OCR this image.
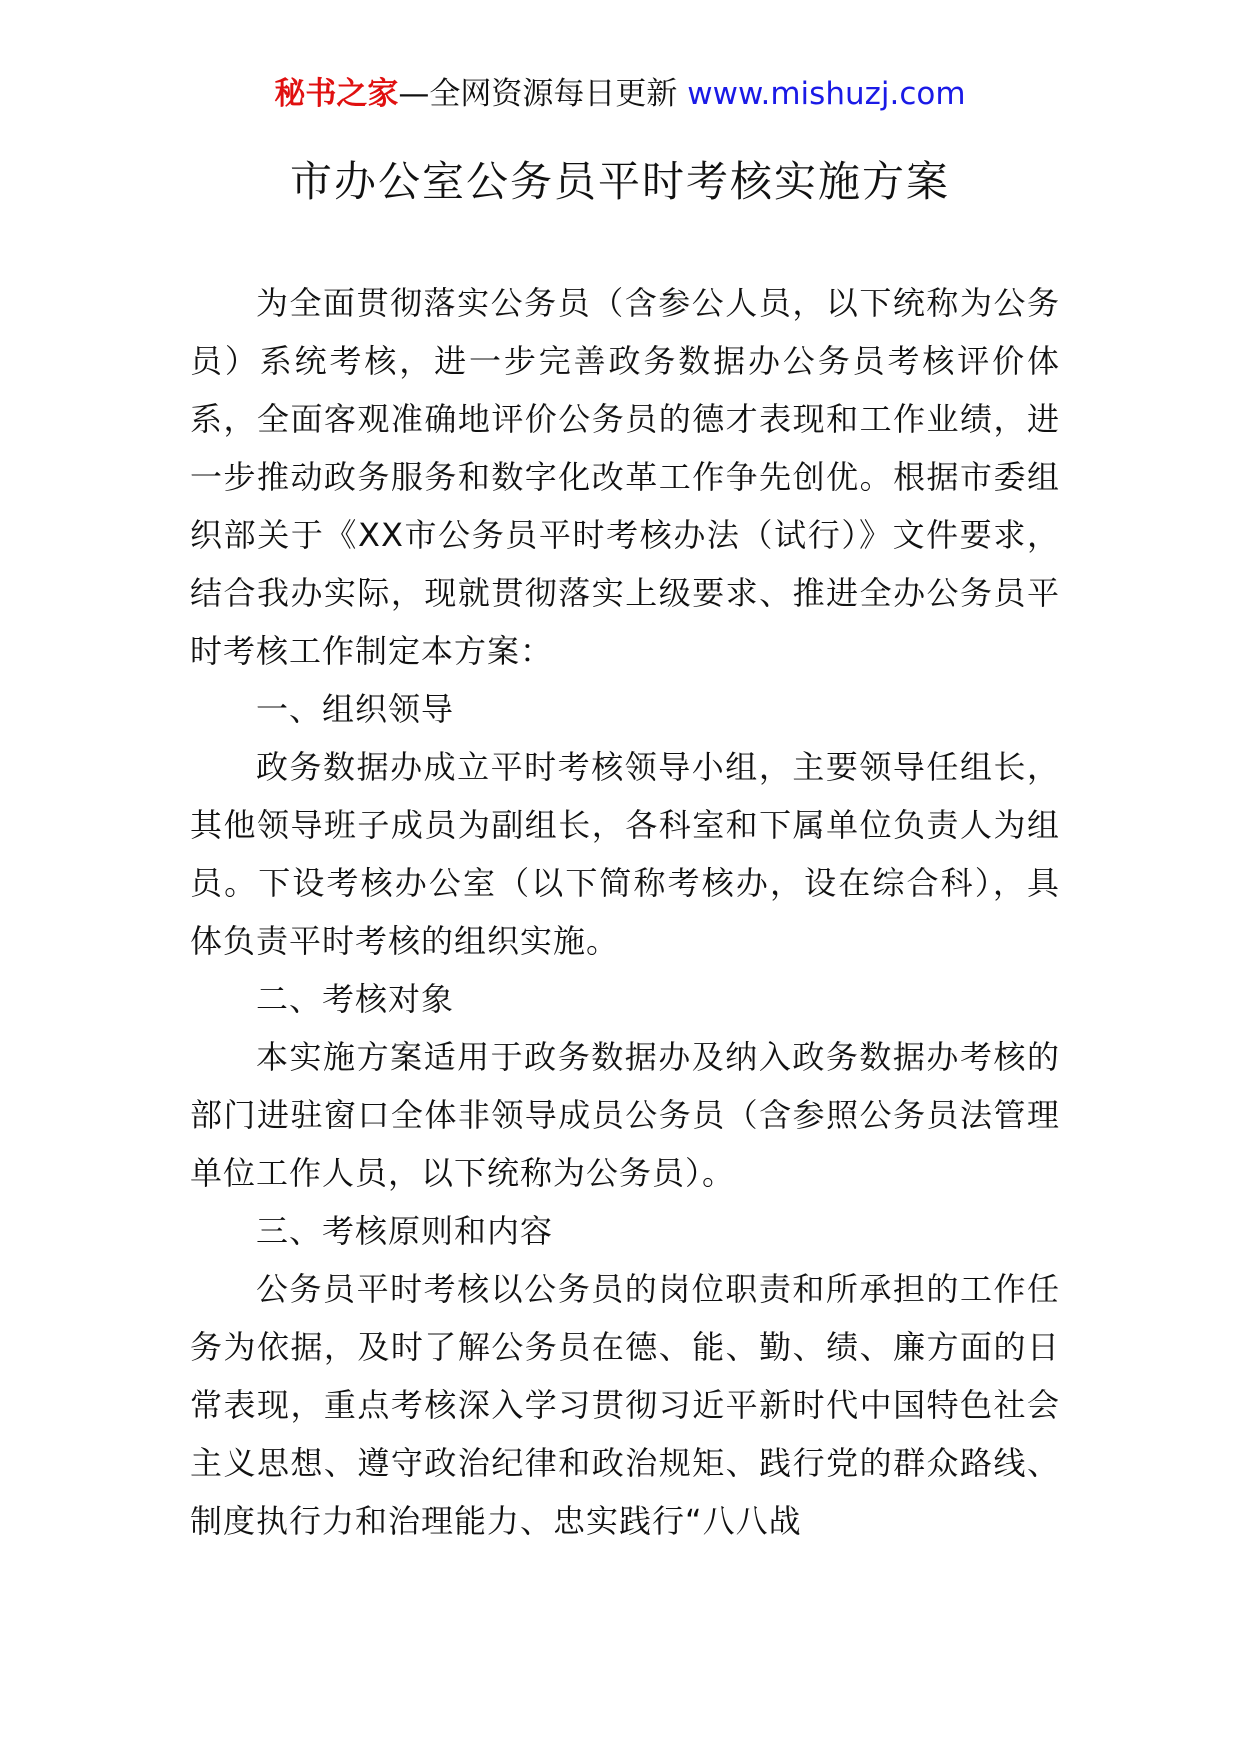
秘书之家—全网资源每日更新 www.mishuzj.com
市办公室公务员平时考核实施方案

为全面贯彻落实公务员（含参公人员，以下统称为公务员）系统考核，进一步完善政务数据办公务员考核评价体系，全面客观准确地评价公务员的德才表现和工作业绩，进一步推动政务服务和数字化改革工作争先创优。根据市委组织部关于《XX市公务员平时考核办法（试行）》文件要求，结合我办实际，现就贯彻落实上级要求、推进全办公务员平时考核工作制定本方案：

一、组织领导

政务数据办成立平时考核领导小组，主要领导任组长，其他领导班子成员为副组长，各科室和下属单位负责人为组员。下设考核办公室（以下简称考核办，设在综合科），具体负责平时考核的组织实施。

二、考核对象

本实施方案适用于政务数据办及纳入政务数据办考核的部门进驻窗口全体非领导成员公务员（含参照公务员法管理单位工作人员，以下统称为公务员）。

三、考核原则和内容

公务员平时考核以公务员的岗位职责和所承担的工作任务为依据，及时了解公务员在德、能、勤、绩、廉方面的日常表现，重点考核深入学习贯彻习近平新时代中国特色社会主义思想、遵守政治纪律和政治规矩、践行党的群众路线、制度执行力和治理能力、忠实践行“八八战
